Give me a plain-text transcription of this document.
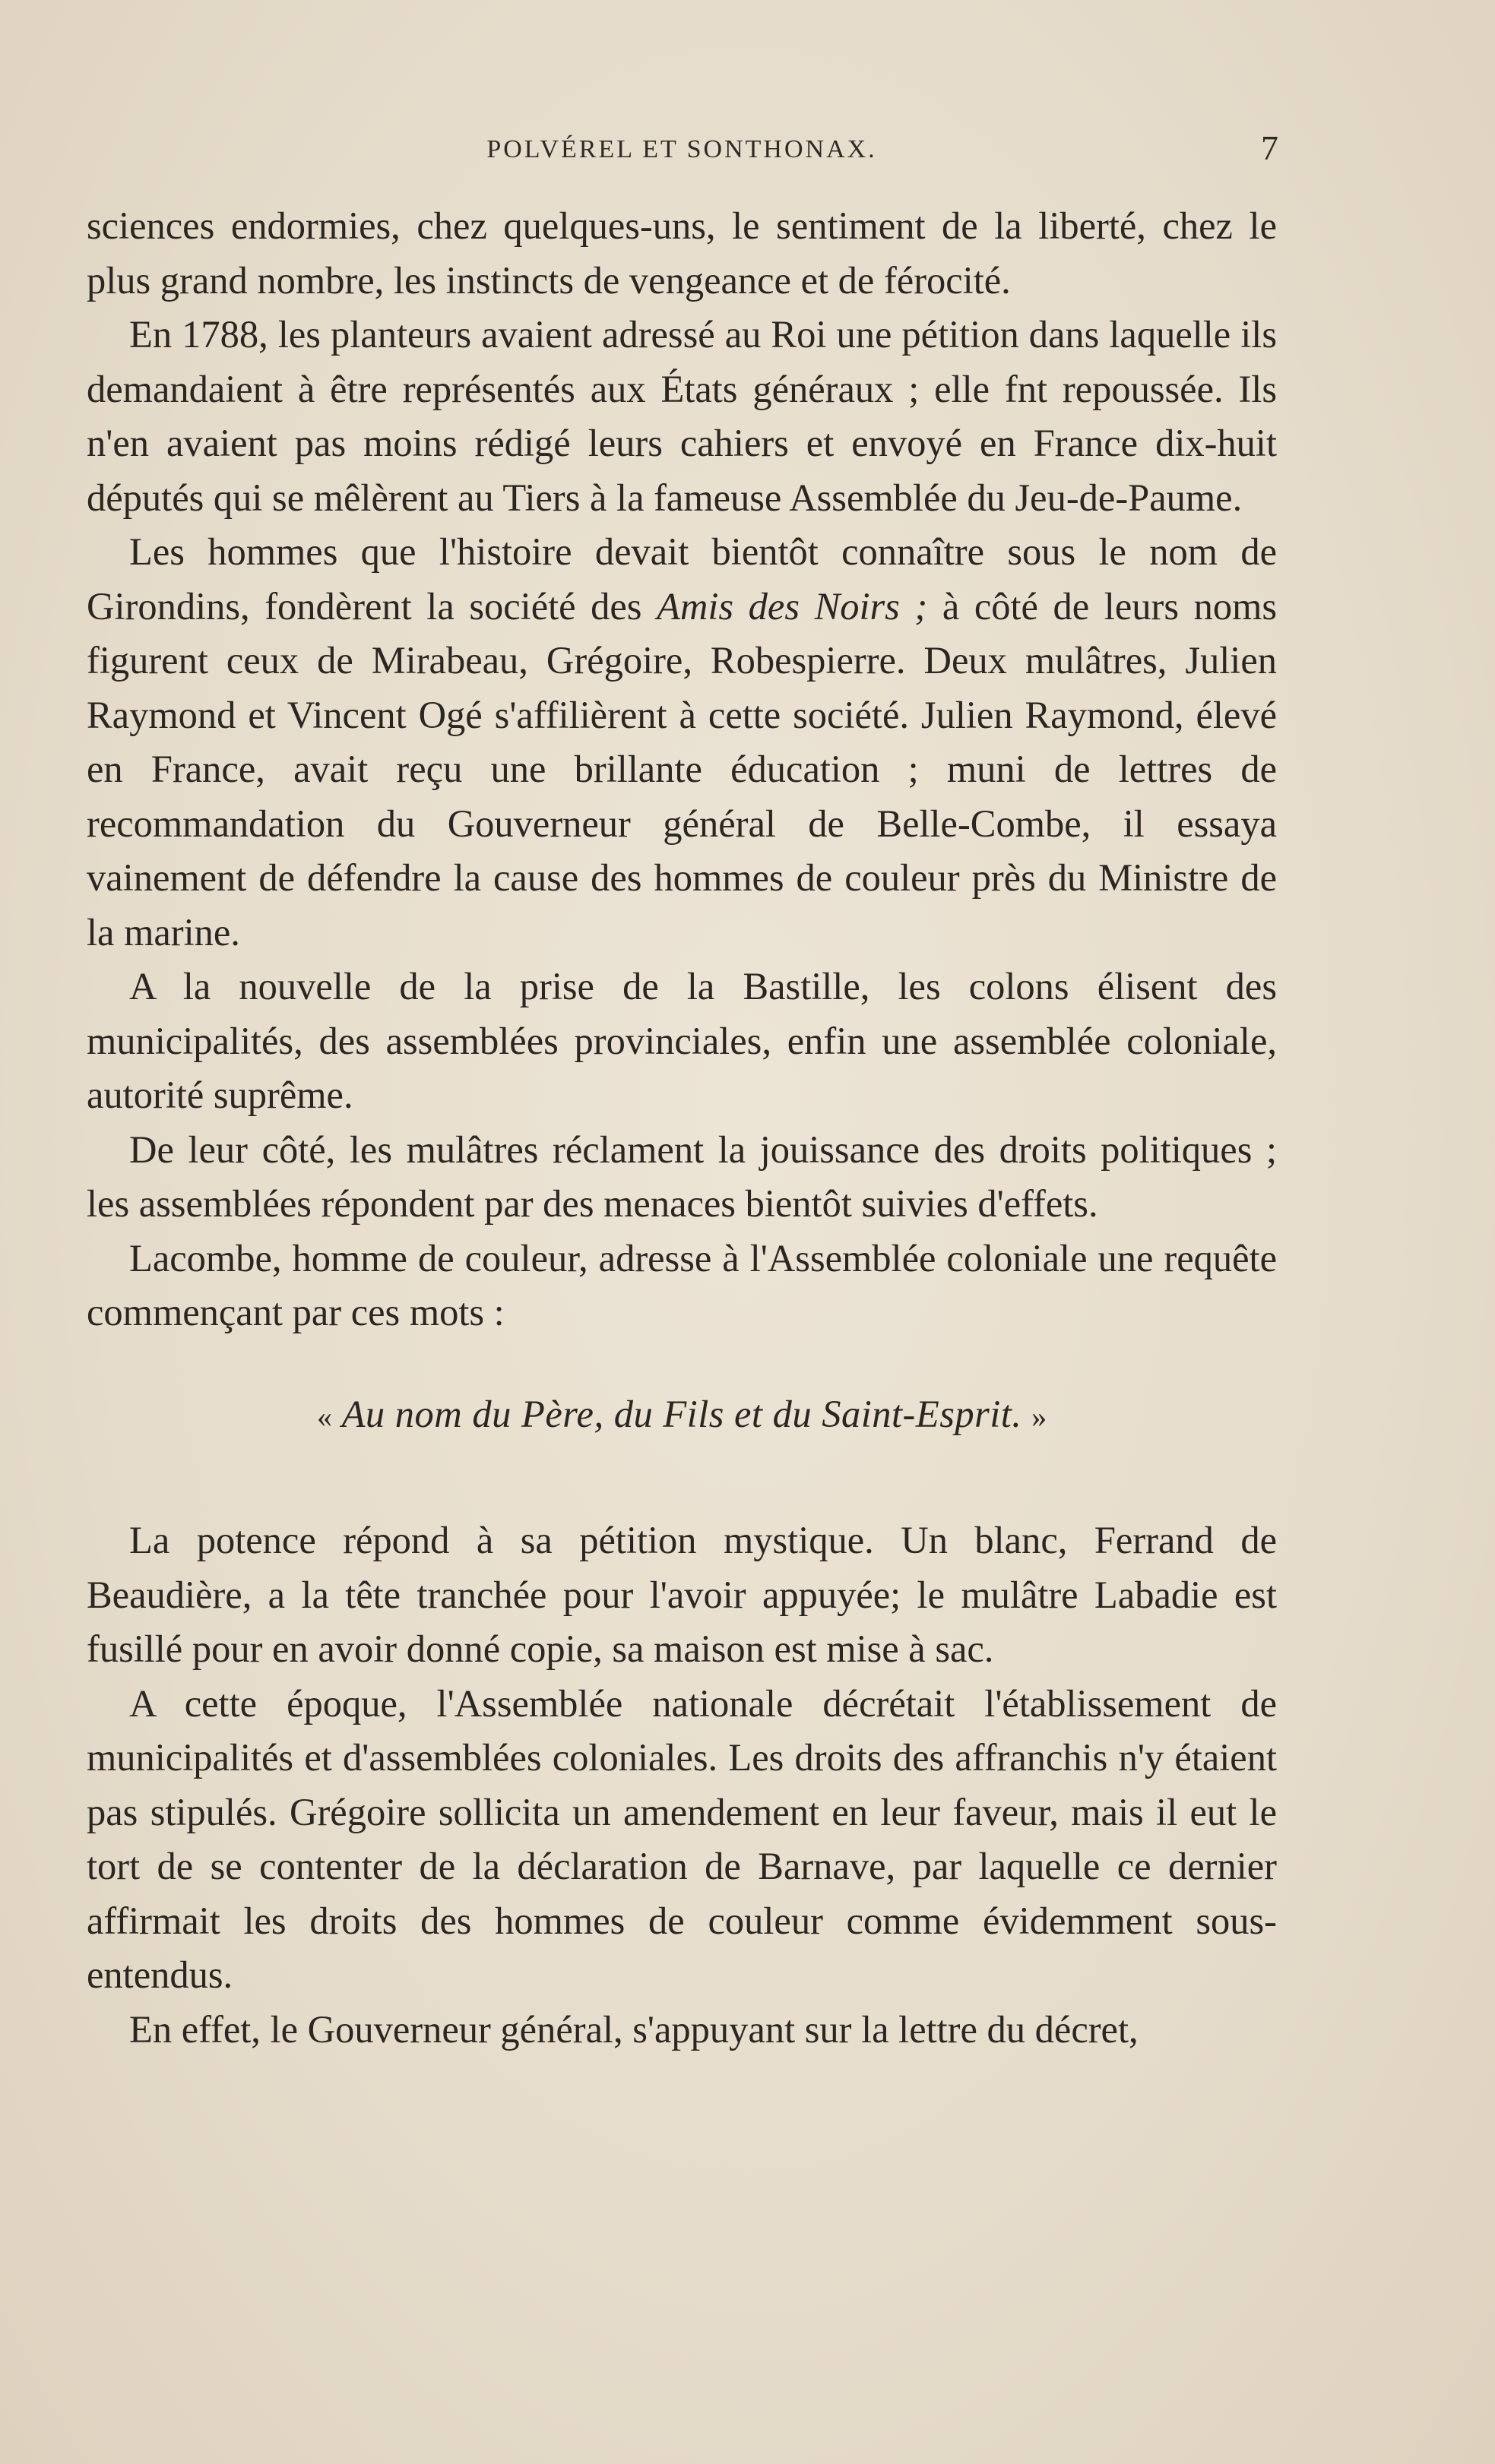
POLVÉREL ET SONTHONAX.	7

sciences endormies, chez quelques-uns, le sentiment de la liberté, chez le plus grand nombre, les instincts de vengeance et de férocité.

En 1788, les planteurs avaient adressé au Roi une pétition dans laquelle ils demandaient à être représentés aux États généraux ; elle fnt repoussée. Ils n'en avaient pas moins rédigé leurs cahiers et envoyé en France dix-huit députés qui se mêlèrent au Tiers à la fameuse Assemblée du Jeu-de-Paume.

Les hommes que l'histoire devait bientôt connaître sous le nom de Girondins, fondèrent la société des Amis des Noirs ; à côté de leurs noms figurent ceux de Mirabeau, Grégoire, Robespierre. Deux mulâtres, Julien Raymond et Vincent Ogé s'affilièrent à cette société. Julien Raymond, élevé en France, avait reçu une brillante éducation ; muni de lettres de recommandation du Gouverneur général de Belle-Combe, il essaya vainement de défendre la cause des hommes de couleur près du Ministre de la marine.

A la nouvelle de la prise de la Bastille, les colons élisent des municipalités, des assemblées provinciales, enfin une assemblée coloniale, autorité suprême.

De leur côté, les mulâtres réclament la jouissance des droits politiques ; les assemblées répondent par des menaces bientôt suivies d'effets.

Lacombe, homme de couleur, adresse à l'Assemblée coloniale une requête commençant par ces mots :

« Au nom du Père, du Fils et du Saint-Esprit. »

La potence répond à sa pétition mystique. Un blanc, Ferrand de Beaudière, a la tête tranchée pour l'avoir appuyée; le mulâtre Labadie est fusillé pour en avoir donné copie, sa maison est mise à sac.

A cette époque, l'Assemblée nationale décrétait l'établissement de municipalités et d'assemblées coloniales. Les droits des affranchis n'y étaient pas stipulés. Grégoire sollicita un amendement en leur faveur, mais il eut le tort de se contenter de la déclaration de Barnave, par laquelle ce dernier affirmait les droits des hommes de couleur comme évidemment sous-entendus.

En effet, le Gouverneur général, s'appuyant sur la lettre du décret,
